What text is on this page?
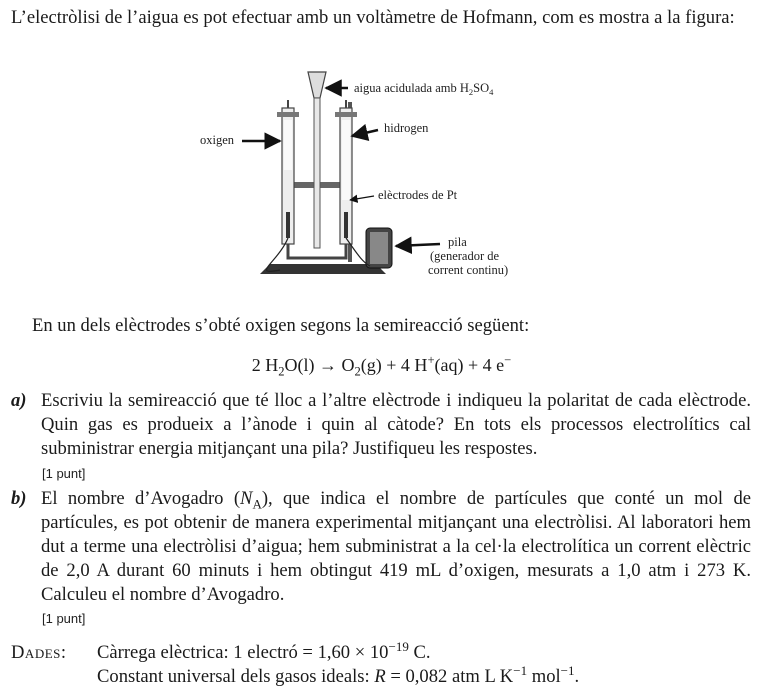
L’electròlisi de l’aigua es pot efectuar amb un voltàmetre de Hofmann, com es mostra a la figura:

aigua acidulada amb $H_2SO_4$
hidrogen
oxigen
elèctrodes de Pt
pila
(generador de
corrent continu)

En un dels elèctrodes s’obté oxigen segons la semireacció següent:

2 $H_2O(l) \to O_2(g) + 4$ H+(aq) + 4 e−
a) Escriviu la semireacció que té lloc a l’altre elèctrode i indiqueu la polaritat de cada elèctrode. Quin gas es produeix a l’ànode i quin al càtode? En tots els processos electrolítics cal subministrar energia mitjançant una pila? Justifiqueu les respostes.
[1 punt]
b) El nombre d’Avogadro $(N_A)$, que indica el nombre de partícules que conté un mol de partícules, es pot obtenir de manera experimental mitjançant una electròlisi. Al laboratori hem dut a terme una electròlisi d’aigua; hem subministrat a la cel·la electrolítica un corrent elèctric de 2,0 A durant 60 minuts i hem obtingut 419 mL d’oxigen, mesurats a 1,0 atm i 273 K. Calculeu el nombre d’Avogadro.
[1 punt]
Dades: Càrrega elèctrica: 1 electró = $1,60 \times 10^{-19}$ C.
Constant universal dels gasos ideals: R = 0,082 atm L $K^{-1}$ mol$^{-1}$.
